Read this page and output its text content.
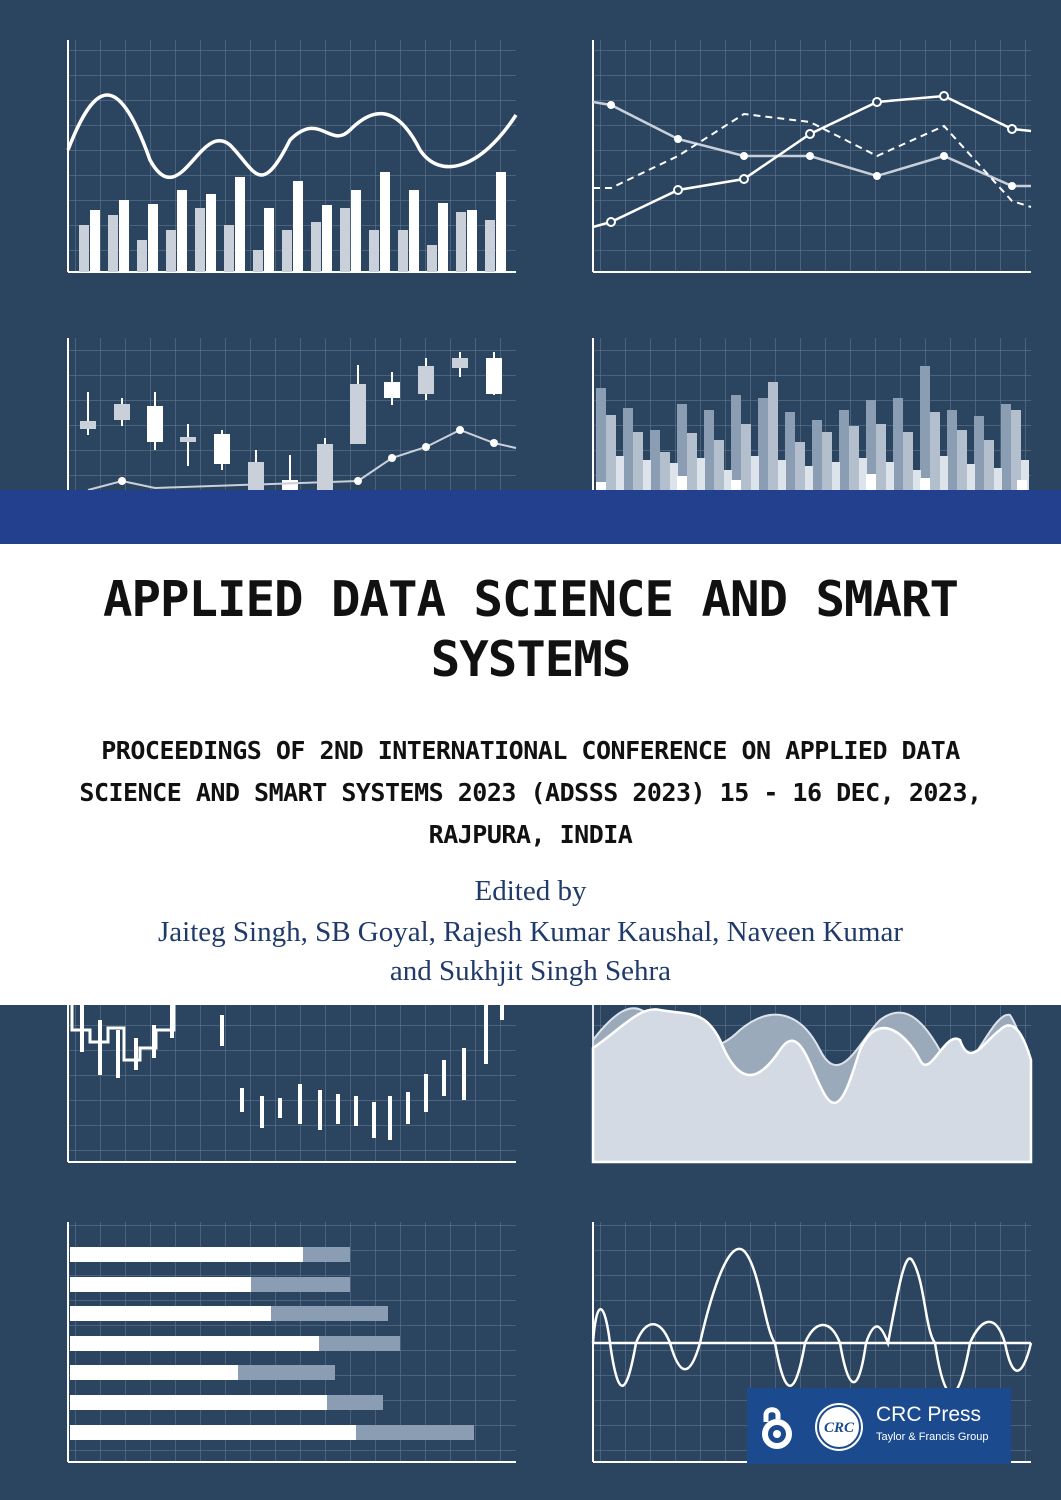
APPLIED DATA SCIENCE AND SMART SYSTEMS
PROCEEDINGS OF 2ND INTERNATIONAL CONFERENCE ON APPLIED DATA SCIENCE AND SMART SYSTEMS 2023 (ADSSS 2023) 15 - 16 DEC, 2023, RAJPURA, INDIA
Edited by
Jaiteg Singh, SB Goyal, Rajesh Kumar Kaushal, Naveen Kumar
and Sukhjit Singh Sehra
CRC
CRC Press
Taylor & Francis Group
